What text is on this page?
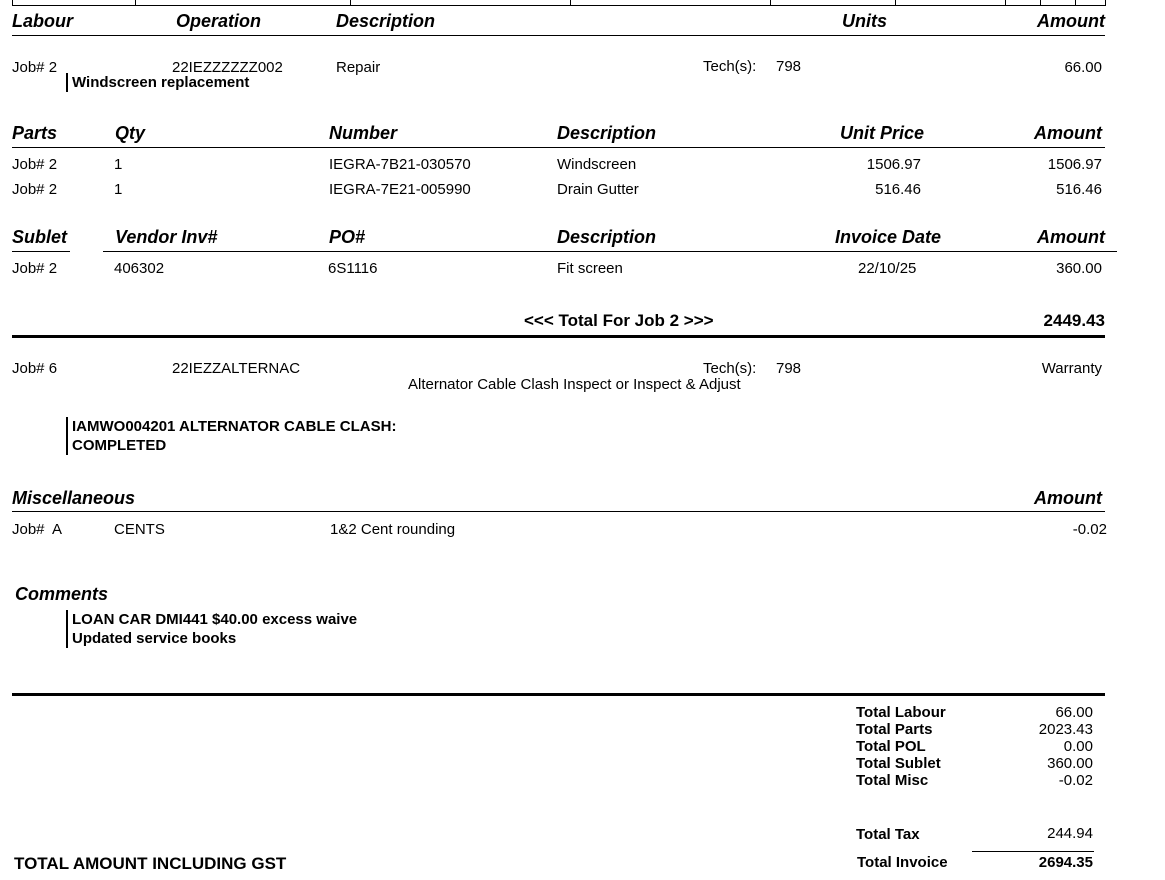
Labour	Operation	Description	Units	Amount
Job# 2	22IEZZZZZZ002	Repair	Tech(s): 798	66.00
Windscreen replacement
Parts	Qty	Number	Description	Unit Price	Amount
Job# 2	1	IEGRA-7B21-030570	Windscreen	1506.97	1506.97
Job# 2	1	IEGRA-7E21-005990	Drain Gutter	516.46	516.46
Sublet	Vendor Inv#	PO#	Description	Invoice Date	Amount
Job# 2	406302	6S1116	Fit screen	22/10/25	360.00
<<< Total For Job 2 >>>	2449.43
Job# 6	22IEZZALTERNAC	Tech(s): 798	Warranty
Alternator Cable Clash Inspect or Inspect & Adjust
IAMWO004201 ALTERNATOR CABLE CLASH:
COMPLETED
Miscellaneous	Amount
Job#  A	CENTS	1&2 Cent rounding	-0.02
Comments
LOAN CAR DMI441 $40.00 excess waive
Updated service books
Total Labour	66.00
Total Parts	2023.43
Total POL	0.00
Total Sublet	360.00
Total Misc	-0.02
Total Tax	244.94
TOTAL AMOUNT INCLUDING GST	Total Invoice	2694.35
